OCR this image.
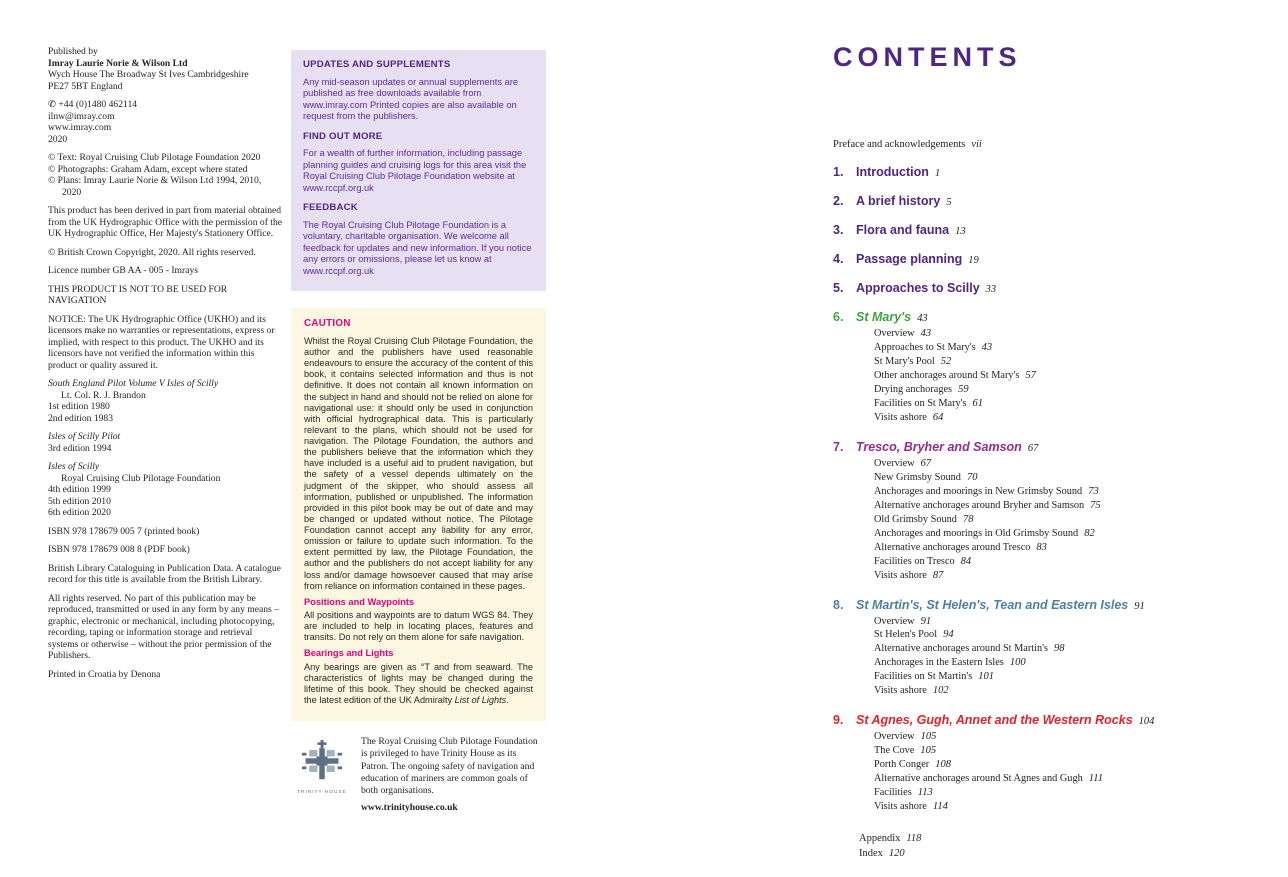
Published by
Imray Laurie Norie & Wilson Ltd
Wych House The Broadway St Ives Cambridgeshire
PE27 5BT England
✆ +44 (0)1480 462114
ilnw@imray.com
www.imray.com
2020
© Text: Royal Cruising Club Pilotage Foundation 2020
© Photographs: Graham Adam, except where stated
© Plans: Imray Laurie Norie & Wilson Ltd 1994, 2010, 2020
This product has been derived in part from material obtained from the UK Hydrographic Office with the permission of the UK Hydrographic Office, Her Majesty's Stationery Office.
© British Crown Copyright, 2020. All rights reserved.
Licence number GB AA - 005 - Imrays
THIS PRODUCT IS NOT TO BE USED FOR NAVIGATION
NOTICE: The UK Hydrographic Office (UKHO) and its licensors make no warranties or representations, express or implied, with respect to this product. The UKHO and its licensors have not verified the information within this product or quality assured it.
South England Pilot Volume V Isles of Scilly
Lt. Col. R. J. Brandon
1st edition 1980
2nd edition 1983
Isles of Scilly Pilot
3rd edition 1994
Isles of Scilly
Royal Cruising Club Pilotage Foundation
4th edition 1999
5th edition 2010
6th edition 2020
ISBN 978 178679 005 7 (printed book)
ISBN 978 178679 008 8 (PDF book)
British Library Cataloguing in Publication Data. A catalogue record for this title is available from the British Library.
All rights reserved. No part of this publication may be reproduced, transmitted or used in any form by any means – graphic, electronic or mechanical, including photocopying, recording, taping or information storage and retrieval systems or otherwise – without the prior permission of the Publishers.
Printed in Croatia by Denona
UPDATES AND SUPPLEMENTS

Any mid-season updates or annual supplements are published as free downloads available from www.imray.com Printed copies are also available on request from the publishers.

FIND OUT MORE

For a wealth of further information, including passage planning guides and cruising logs for this area visit the Royal Cruising Club Pilotage Foundation website at www.rccpf.org.uk

FEEDBACK

The Royal Cruising Club Pilotage Foundation is a voluntary, charitable organisation. We welcome all feedback for updates and new information. If you notice any errors or omissions, please let us know at www.rccpf.org.uk

CAUTION

Whilst the Royal Cruising Club Pilotage Foundation, the author and the publishers have used reasonable endeavours to ensure the accuracy of the content of this book, it contains selected information and thus is not definitive. It does not contain all known information on the subject in hand and should not be relied on alone for navigational use: it should only be used in conjunction with official hydrographical data. This is particularly relevant to the plans, which should not be used for navigation. The Pilotage Foundation, the authors and the publishers believe that the information which they have included is a useful aid to prudent navigation, but the safety of a vessel depends ultimately on the judgment of the skipper, who should assess all information, published or unpublished. The information provided in this pilot book may be out of date and may be changed or updated without notice. The Pilotage Foundation cannot accept any liability for any error, omission or failure to update such information. To the extent permitted by law, the Pilotage Foundation, the author and the publishers do not accept liability for any loss and/or damage howsoever caused that may arise from reliance on information contained in these pages.

Positions and Waypoints

All positions and waypoints are to datum WGS 84. They are included to help in locating places, features and transits. Do not rely on them alone for safe navigation.

Bearings and Lights

Any bearings are given as °T and from seaward. The characteristics of lights may be changed during the lifetime of this book. They should be checked against the latest edition of the UK Admiralty List of Lights.

TRINITY HOUSE
The Royal Cruising Club Pilotage Foundation is privileged to have Trinity House as its Patron. The ongoing safety of navigation and education of mariners are common goals of both organisations.
www.trinityhouse.co.uk
CONTENTS
Preface and acknowledgements vii
1.	Introduction 1
2.	A brief history 5
3.	Flora and fauna 13
4.	Passage planning 19
5.	Approaches to Scilly 33
6.	St Mary's 43
Overview 43
Approaches to St Mary's 43
St Mary's Pool 52
Other anchorages around St Mary's 57
Drying anchorages 59
Facilities on St Mary's 61
Visits ashore 64
7.	Tresco, Bryher and Samson 67
Overview 67
New Grimsby Sound 70
Anchorages and moorings in New Grimsby Sound 73
Alternative anchorages around Bryher and Samson 75
Old Grimsby Sound 78
Anchorages and moorings in Old Grimsby Sound 82
Alternative anchorages around Tresco 83
Facilities on Tresco 84
Visits ashore 87
8.	St Martin's, St Helen's, Tean and Eastern Isles 91
Overview 91
St Helen's Pool 94
Alternative anchorages around St Martin's 98
Anchorages in the Eastern Isles 100
Facilities on St Martin's 101
Visits ashore 102
9.	St Agnes, Gugh, Annet and the Western Rocks 104
Overview 105
The Cove 105
Porth Conger 108
Alternative anchorages around St Agnes and Gugh 111
Facilities 113
Visits ashore 114
Appendix 118
Index 120
